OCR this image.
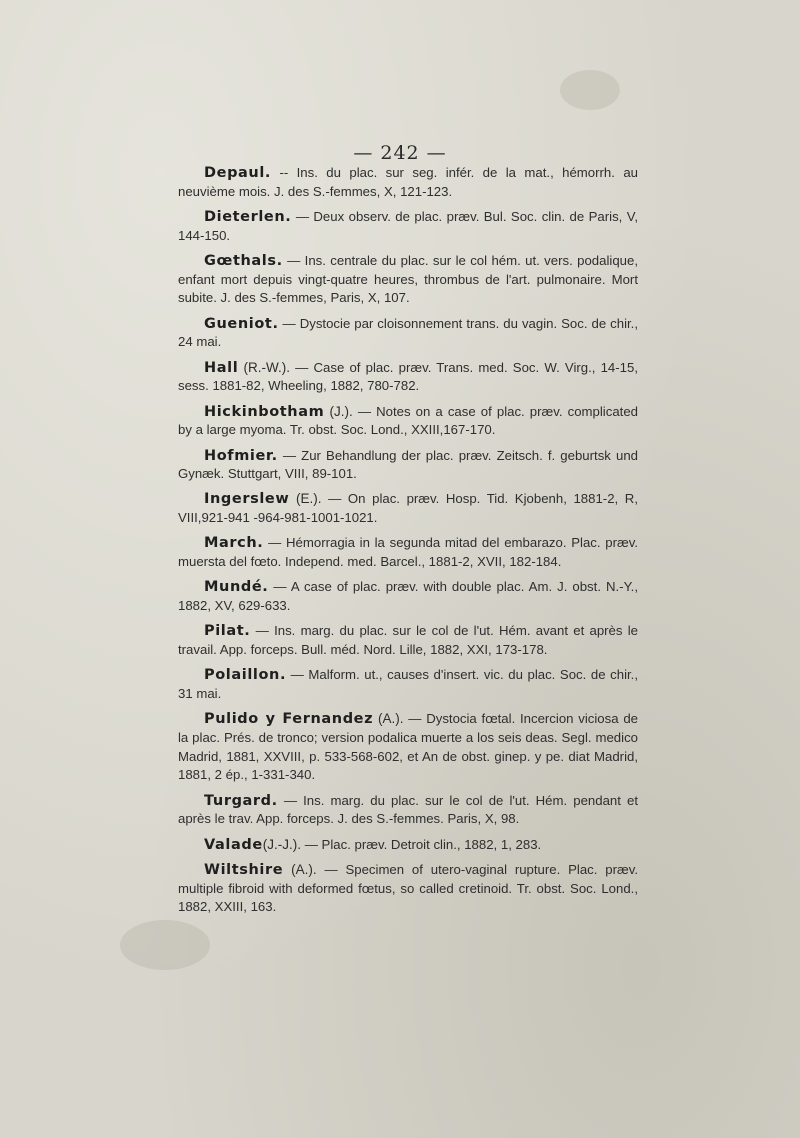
— 242 —

Depaul. -- Ins. du plac. sur seg. infér. de la mat., hémorrh. au neuvième mois. J. des S.-femmes, X, 121-123.

Dieterlen. — Deux observ. de plac. præv. Bul. Soc. clin. de Paris, V, 144-150.

Gœthals. — Ins. centrale du plac. sur le col hém. ut. vers. podalique, enfant mort depuis vingt-quatre heures, thrombus de l'art. pulmonaire. Mort subite. J. des S.-femmes, Paris, X, 107.

Gueniot. — Dystocie par cloisonnement trans. du vagin. Soc. de chir., 24 mai.

Hall (R.-W.). — Case of plac. præv. Trans. med. Soc. W. Virg., 14-15, sess. 1881-82, Wheeling, 1882, 780-782.

Hickinbotham (J.). — Notes on a case of plac. præv. complicated by a large myoma. Tr. obst. Soc. Lond., XXIII,167-170.

Hofmier. — Zur Behandlung der plac. præv. Zeitsch. f. geburtsk und Gynæk. Stuttgart, VIII, 89-101.

Ingerslew (E.). — On plac. præv. Hosp. Tid. Kjobenh, 1881-2, R, VIII,921-941 -964-981-1001-1021.

March. — Hémorragia in la segunda mitad del embarazo. Plac. præv. muersta del fœto. Independ. med. Barcel., 1881-2, XVII, 182-184.

Mundé. — A case of plac. præv. with double plac. Am. J. obst. N.-Y., 1882, XV, 629-633.

Pilat. — Ins. marg. du plac. sur le col de l'ut. Hém. avant et après le travail. App. forceps. Bull. méd. Nord. Lille, 1882, XXI, 173-178.

Polaillon. — Malform. ut., causes d'insert. vic. du plac. Soc. de chir., 31 mai.

Pulido y Fernandez (A.). — Dystocia fœtal. Incercion viciosa de la plac. Prés. de tronco; version podalica muerte a los seis deas. Segl. medico Madrid, 1881, XXVIII, p. 533-568-602, et An de obst. ginep. y pe. diat Madrid, 1881, 2 ép., 1-331-340.

Turgard. — Ins. marg. du plac. sur le col de l'ut. Hém. pendant et après le trav. App. forceps. J. des S.-femmes. Paris, X, 98.

Valade(J.-J.). — Plac. præv. Detroit clin., 1882, 1, 283.

Wiltshire (A.). — Specimen of utero-vaginal rupture. Plac. præv. multiple fibroid with deformed fœtus, so called cretinoid. Tr. obst. Soc. Lond., 1882, XXIII, 163.
